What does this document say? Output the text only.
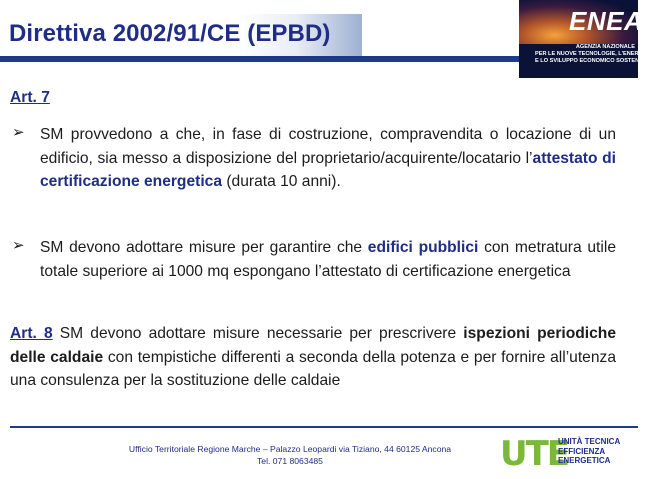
Direttiva 2002/91/CE (EPBD)	ENEA
AGENZIA NAZIONALE
PER LE NUOVE TECNOLOGIE, L'ENERGIA
E LO SVILUPPO ECONOMICO SOSTENIBILE
Art. 7
➢ SM provvedono a che, in fase di costruzione, compravendita o locazione di un edificio, sia messo a disposizione del proprietario/acquirente/locatario l’attestato di certificazione energetica (durata 10 anni).
➢ SM devono adottare misure per garantire che edifici pubblici con metratura utile totale superiore ai 1000 mq espongano l’attestato di certificazione energetica
Art. 8 SM devono adottare misure necessarie per prescrivere ispezioni periodiche delle caldaie con tempistiche differenti a seconda della potenza e per fornire all’utenza una consulenza per la sostituzione delle caldaie
Ufficio Territoriale Regione Marche – Palazzo Leopardi via Tiziano, 44 60125 Ancona
Tel. 071 8063485	UTE
UNITÀ TECNICA
EFFICIENZA
ENERGETICA
